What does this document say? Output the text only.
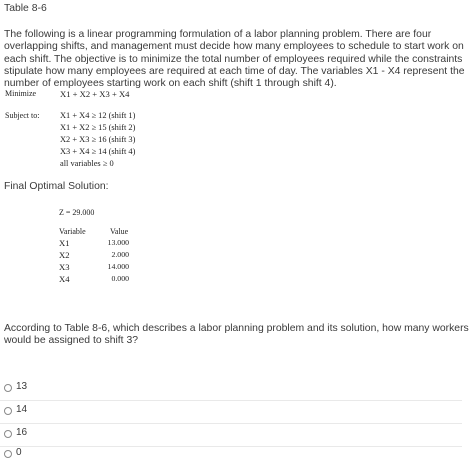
Table 8-6
The following is a linear programming formulation of a labor planning problem. There are four overlapping shifts, and management must decide how many employees to schedule to start work on each shift. The objective is to minimize the total number of employees required while the constraints stipulate how many employees are required at each time of day. The variables X1 - X4 represent the number of employees starting work on each shift (shift 1 through shift 4).
Minimize	X1 + X2 + X3 + X4
Subject to: X1 + X4 ≥ 12 (shift 1)
X1 + X2 ≥ 15 (shift 2)
X2 + X3 ≥ 16 (shift 3)
X3 + X4 ≥ 14 (shift 4)
all variables ≥ 0
Final Optimal Solution:
Z = 29.000
Variable	Value
X1
X2
X3
X4
13.000
2.000
14.000
0.000
According to Table 8-6, which describes a labor planning problem and its solution, how many workers would be assigned to shift 3?
13
14
16
0
